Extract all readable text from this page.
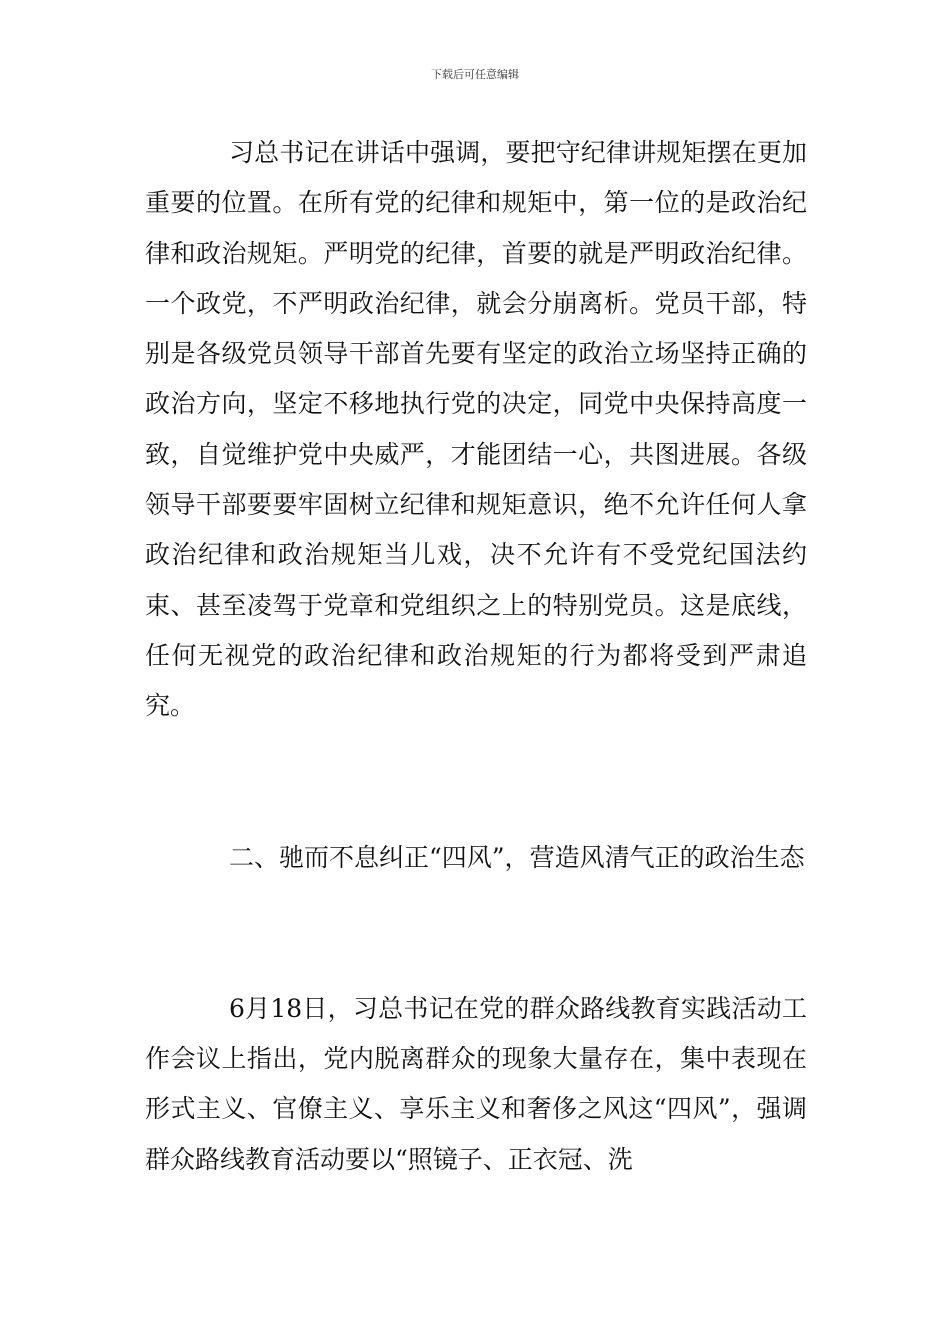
下载后可任意编辑

习总书记在讲话中强调，要把守纪律讲规矩摆在更加重要的位置。在所有党的纪律和规矩中，第一位的是政治纪律和政治规矩。严明党的纪律，首要的就是严明政治纪律。一个政党，不严明政治纪律，就会分崩离析。党员干部，特别是各级党员领导干部首先要有坚定的政治立场坚持正确的政治方向，坚定不移地执行党的决定，同党中央保持高度一致，自觉维护党中央威严，才能团结一心，共图进展。各级领导干部要要牢固树立纪律和规矩意识，绝不允许任何人拿政治纪律和政治规矩当儿戏，决不允许有不受党纪国法约束、甚至凌驾于党章和党组织之上的特别党员。这是底线，任何无视党的政治纪律和政治规矩的行为都将受到严肃追究。

二、驰而不息纠正“四风”，营造风清气正的政治生态

6月18日，习总书记在党的群众路线教育实践活动工作会议上指出，党内脱离群众的现象大量存在，集中表现在形式主义、官僚主义、享乐主义和奢侈之风这“四风”，强调群众路线教育活动要以“照镜子、正衣冠、洗
